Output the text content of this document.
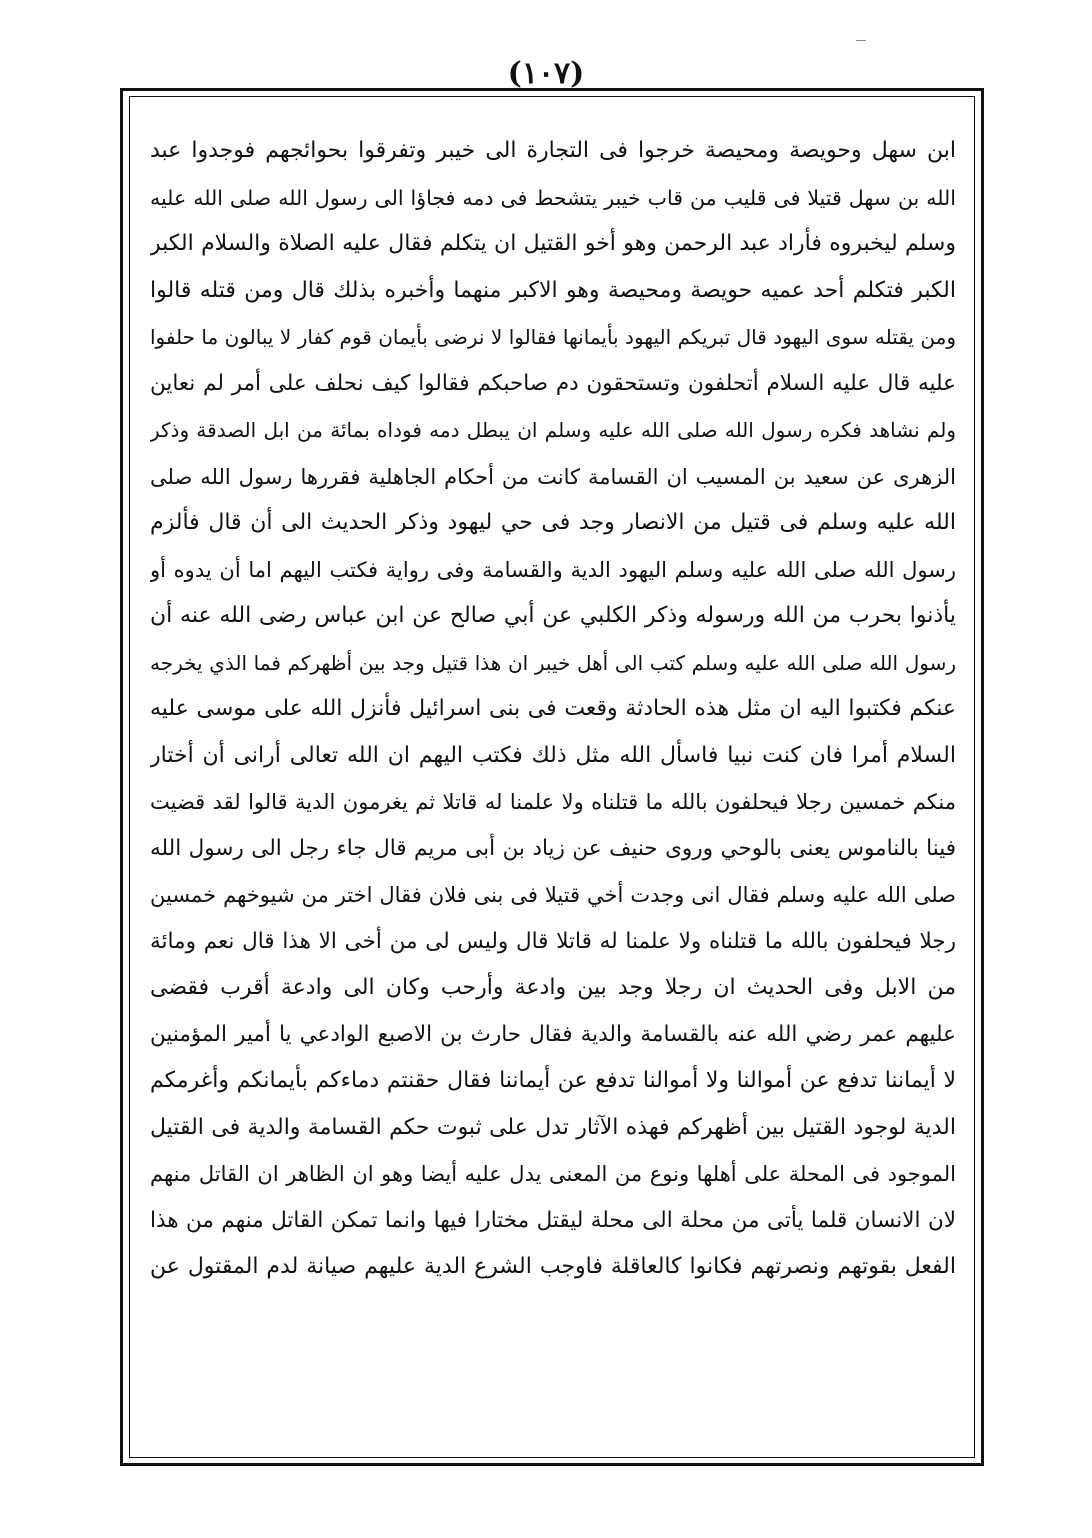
(١٠٧)
ابن سهل وحويصة ومحيصة خرجوا فى التجارة الى خيبر وتفرقوا بحوائجهم فوجدوا عبد
الله بن سهل قتيلا فى قليب من قاب خيبر يتشحط فى دمه فجاؤا الى رسول الله صلى الله عليه
وسلم ليخبروه فأراد عبد الرحمن وهو أخو القتيل ان يتكلم فقال عليه الصلاة والسلام الكبر
الكبر فتكلم أحد عميه حويصة ومحيصة وهو الاكبر منهما وأخبره بذلك قال ومن قتله قالوا
ومن يقتله سوى اليهود قال تبريكم اليهود بأيمانها فقالوا لا نرضى بأيمان قوم كفار لا يبالون ما حلفوا
عليه قال عليه السلام أتحلفون وتستحقون دم صاحبكم فقالوا كيف نحلف على أمر لم نعاين
ولم نشاهد فكره رسول الله صلى الله عليه وسلم ان يبطل دمه فوداه بمائة من ابل الصدقة وذكر
الزهرى عن سعيد بن المسيب ان القسامة كانت من أحكام الجاهلية فقررها رسول الله صلى
الله عليه وسلم فى قتيل من الانصار وجد فى حي ليهود وذكر الحديث الى أن قال فألزم
رسول الله صلى الله عليه وسلم اليهود الدية والقسامة وفى رواية فكتب اليهم اما أن يدوه أو
يأذنوا بحرب من الله ورسوله وذكر الكلبي عن أبي صالح عن ابن عباس رضى الله عنه أن
رسول الله صلى الله عليه وسلم كتب الى أهل خيبر ان هذا قتيل وجد بين أظهركم فما الذي يخرجه
عنكم فكتبوا اليه ان مثل هذه الحادثة وقعت فى بنى اسرائيل فأنزل الله على موسى عليه
السلام أمرا فان كنت نبيا فاسأل الله مثل ذلك فكتب اليهم ان الله تعالى أرانى أن أختار
منكم خمسين رجلا فيحلفون بالله ما قتلناه ولا علمنا له قاتلا ثم يغرمون الدية قالوا لقد قضيت
فينا بالناموس يعنى بالوحي وروى حنيف عن زياد بن أبى مريم قال جاء رجل الى رسول الله
صلى الله عليه وسلم فقال انى وجدت أخي قتيلا فى بنى فلان فقال اختر من شيوخهم خمسين
رجلا فيحلفون بالله ما قتلناه ولا علمنا له قاتلا قال وليس لى من أخى الا هذا قال نعم ومائة
من الابل وفى الحديث ان رجلا وجد بين وادعة وأرحب وكان الى وادعة أقرب فقضى
عليهم عمر رضي الله عنه بالقسامة والدية فقال حارث بن الاصبع الوادعي يا أمير المؤمنين
لا أيماننا تدفع عن أموالنا ولا أموالنا تدفع عن أيماننا فقال حقنتم دماءكم بأيمانكم وأغرمكم
الدية لوجود القتيل بين أظهركم فهذه الآثار تدل على ثبوت حكم القسامة والدية فى القتيل
الموجود فى المحلة على أهلها ونوع من المعنى يدل عليه أيضا وهو ان الظاهر ان القاتل منهم
لان الانسان قلما يأتى من محلة الى محلة ليقتل مختارا فيها وانما تمكن القاتل منهم من هذا
الفعل بقوتهم ونصرتهم فكانوا كالعاقلة فاوجب الشرع الدية عليهم صيانة لدم المقتول عن
